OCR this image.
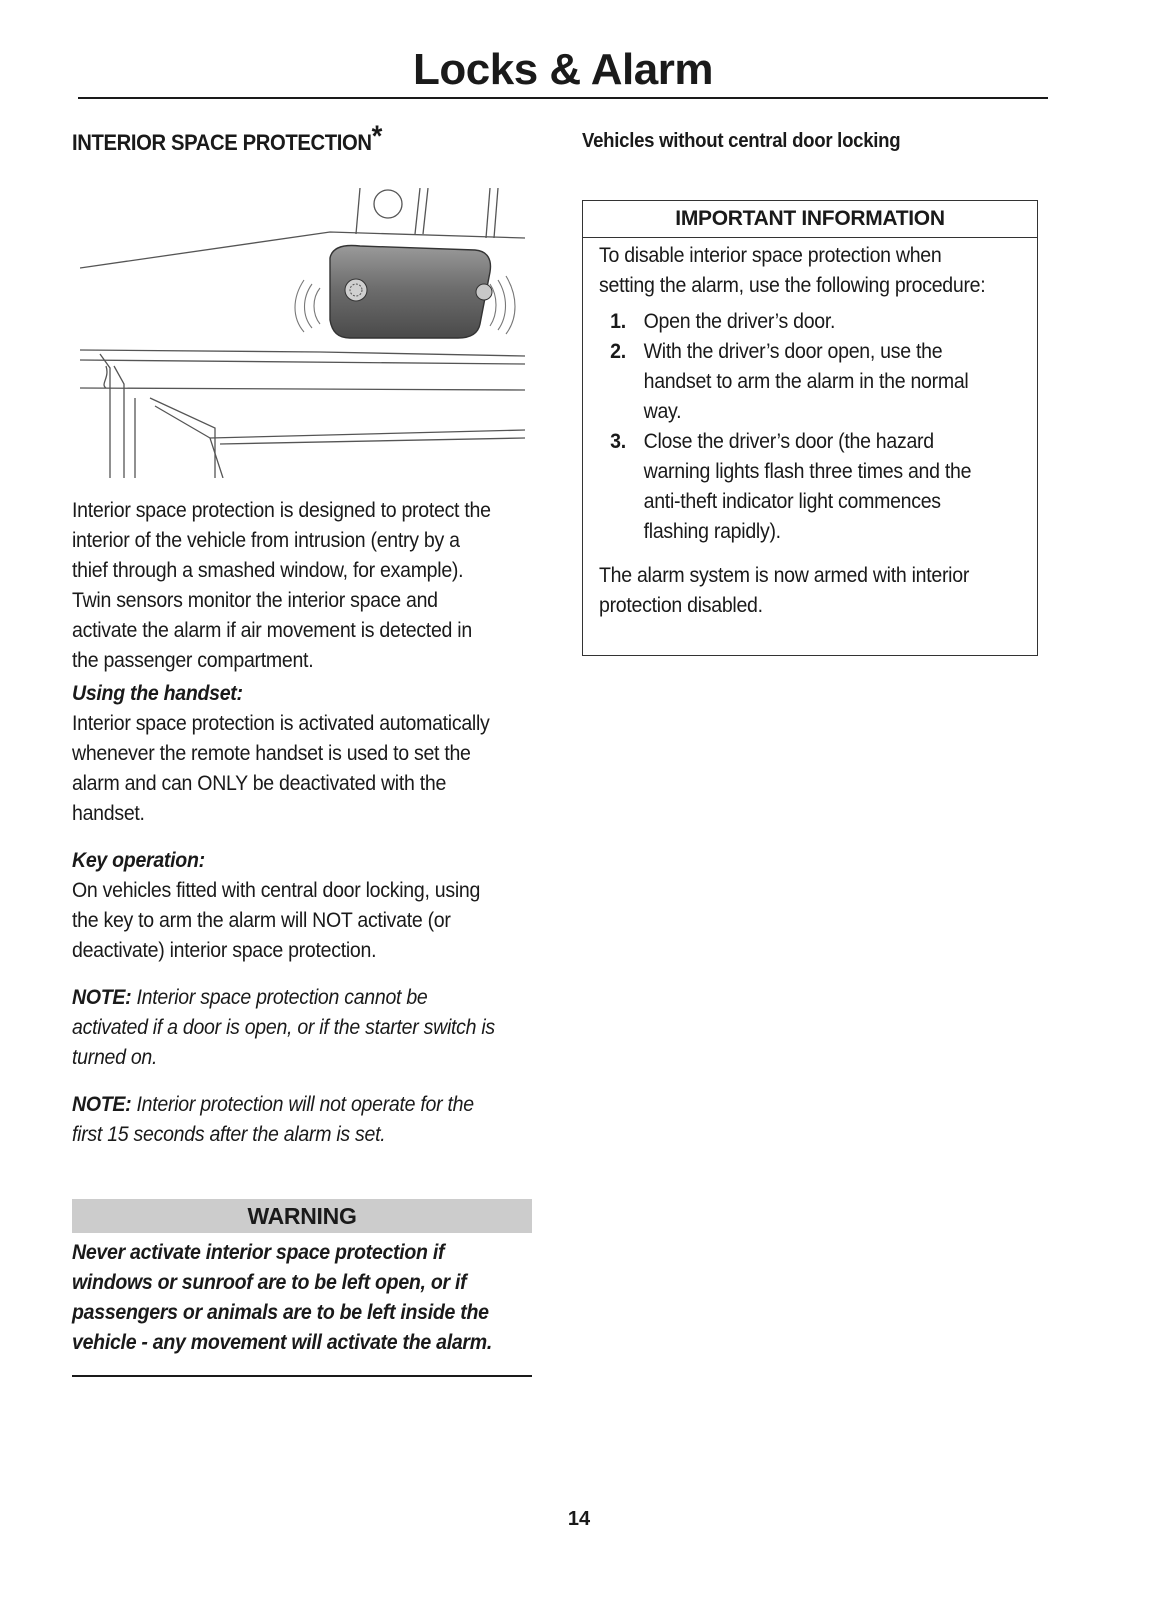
Locks & Alarm
INTERIOR SPACE PROTECTION*

Interior space protection is designed to protect the interior of the vehicle from intrusion (entry by a thief through a smashed window, for example). Twin sensors monitor the interior space and activate the alarm if air movement is detected in the passenger compartment.

Using the handset:

Interior space protection is activated automatically whenever the remote handset is used to set the alarm and can ONLY be deactivated with the handset.

Key operation:

On vehicles fitted with central door locking, using the key to arm the alarm will NOT activate (or deactivate) interior space protection.

NOTE: Interior space protection cannot be activated if a door is open, or if the starter switch is turned on.

NOTE: Interior protection will not operate for the first 15 seconds after the alarm is set.

WARNING

Never activate interior space protection if windows or sunroof are to be left open, or if passengers or animals are to be left inside the vehicle - any movement will activate the alarm.

Vehicles without central door locking
IMPORTANT INFORMATION

To disable interior space protection when setting the alarm, use the following procedure:

1. Open the driver’s door.
2. With the driver’s door open, use the handset to arm the alarm in the normal way.
3. Close the driver’s door (the hazard warning lights flash three times and the anti-theft indicator light commences flashing rapidly).

The alarm system is now armed with interior protection disabled.

14
